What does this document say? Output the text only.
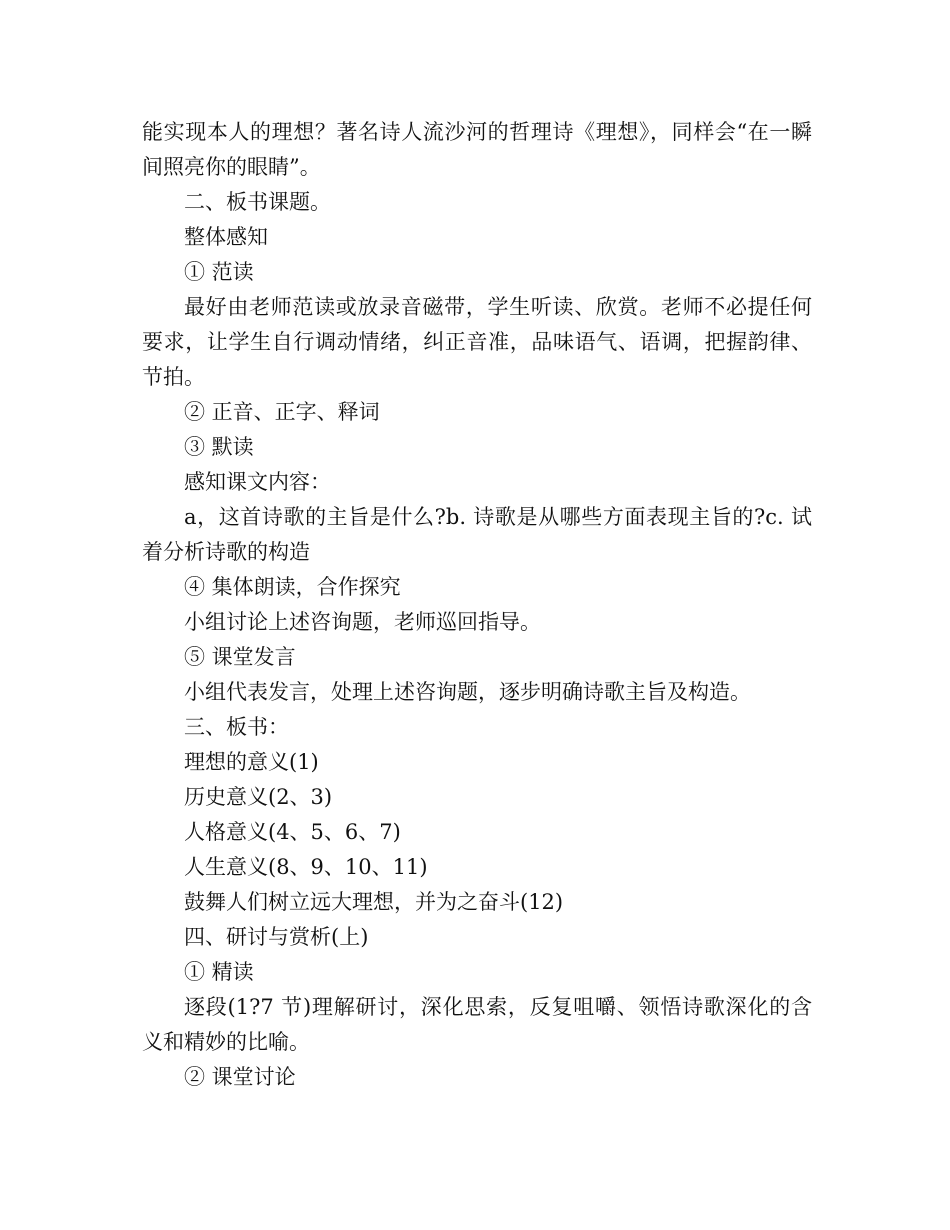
能实现本人的理想？著名诗人流沙河的哲理诗《理想》，同样会“在一瞬间照亮你的眼睛”。

二、板书课题。

整体感知

① 范读

最好由老师范读或放录音磁带，学生听读、欣赏。老师不必提任何要求，让学生自行调动情绪，纠正音准，品味语气、语调，把握韵律、节拍。

② 正音、正字、释词

③ 默读

感知课文内容：

a，这首诗歌的主旨是什么?b. 诗歌是从哪些方面表现主旨的?c. 试着分析诗歌的构造

④ 集体朗读，合作探究

小组讨论上述咨询题，老师巡回指导。

⑤ 课堂发言

小组代表发言，处理上述咨询题，逐步明确诗歌主旨及构造。

三、板书：

理想的意义(1)

历史意义(2、3)

人格意义(4、5、6、7)

人生意义(8、9、10、11)

鼓舞人们树立远大理想，并为之奋斗(12)

四、研讨与赏析(上)

① 精读

逐段(1?7 节)理解研讨，深化思索，反复咀嚼、领悟诗歌深化的含义和精妙的比喻。

② 课堂讨论
